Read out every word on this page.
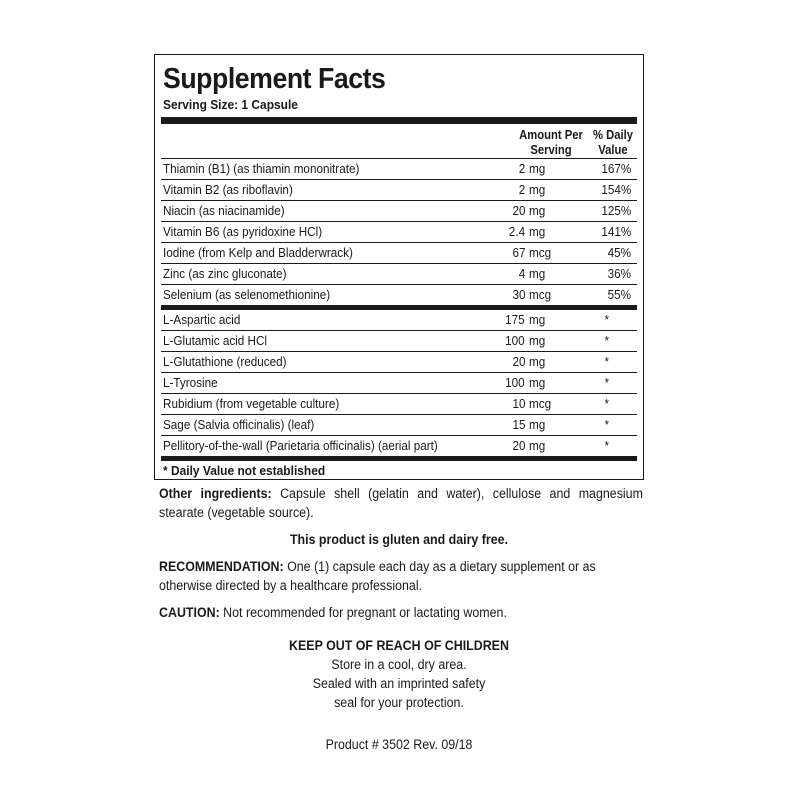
Supplement Facts
Serving Size: 1 Capsule
Amount Per
Serving
% Daily
Value
Thiamin (B1) (as thiamin mononitrate)	2 mg	167%
Vitamin B2 (as riboflavin)	2 mg	154%
Niacin (as niacinamide)	20 mg	125%
Vitamin B6 (as pyridoxine HCl)	2.4 mg	141%
Iodine (from Kelp and Bladderwrack)	67 mcg	45%
Zinc (as zinc gluconate)	4 mg	36%
Selenium (as selenomethionine)	30 mcg	55%
L-Aspartic acid	175 mg	*
L-Glutamic acid HCl	100 mg	*
L-Glutathione (reduced)	20 mg	*
L-Tyrosine	100 mg	*
Rubidium (from vegetable culture)	10 mcg	*
Sage (Salvia officinalis) (leaf)	15 mg	*
Pellitory-of-the-wall (Parietaria officinalis) (aerial part)	20 mg	*
* Daily Value not established
Other ingredients: Capsule shell (gelatin and water), cellulose and magnesium stearate (vegetable source).
This product is gluten and dairy free.
RECOMMENDATION: One (1) capsule each day as a dietary supplement or as otherwise directed by a healthcare professional.
CAUTION: Not recommended for pregnant or lactating women.
KEEP OUT OF REACH OF CHILDREN
Store in a cool, dry area.
Sealed with an imprinted safety
seal for your protection.
Product # 3502 Rev. 09/18
